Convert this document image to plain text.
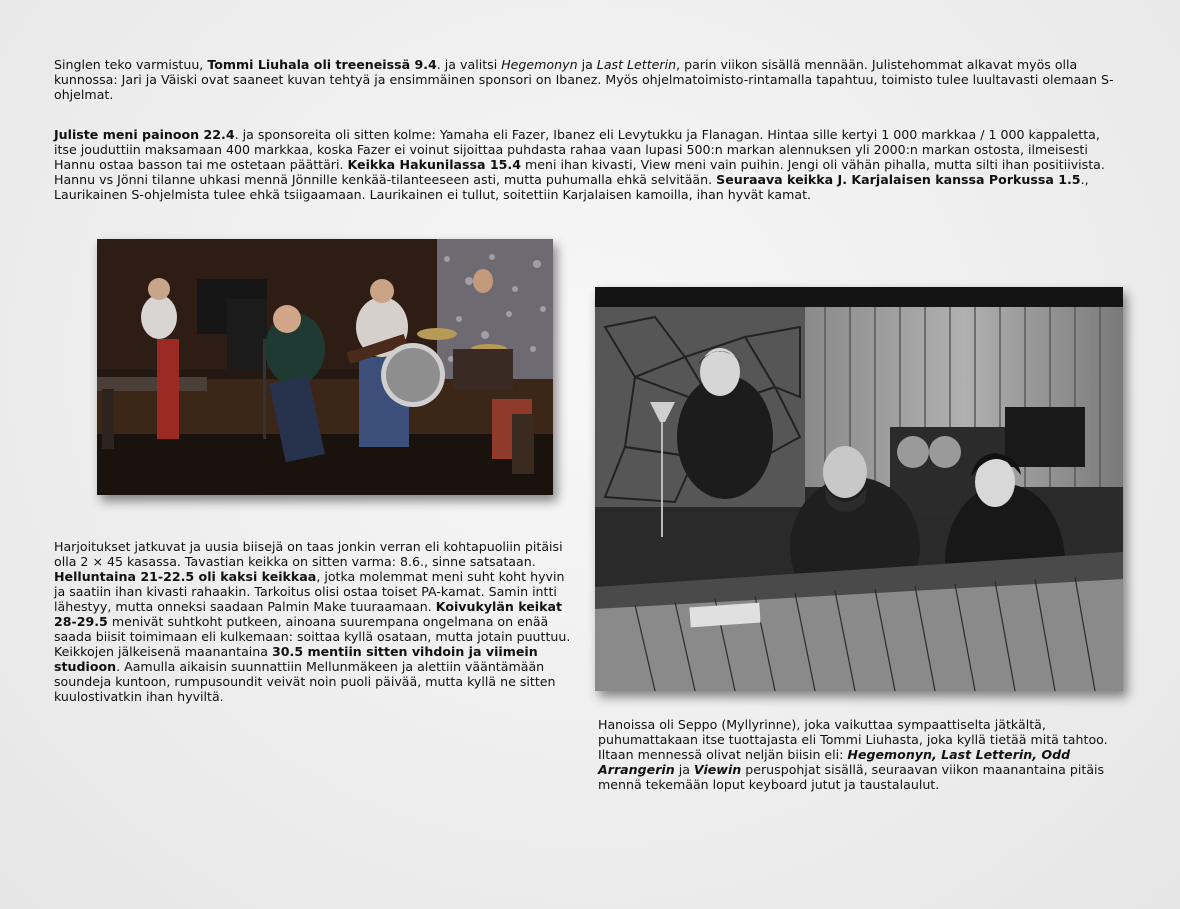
Singlen teko varmistuu, Tommi Liuhala oli treeneissä 9.4. ja valitsi Hegemonyn ja Last Letterin, parin viikon sisällä mennään. Julistehommat alkavat myös olla kunnossa: Jari ja Väiski ovat saaneet kuvan tehtyä ja ensimmäinen sponsori on Ibanez. Myös ohjelmatoimisto-rintamalla tapahtuu, toimisto tulee luultavasti olemaan S-ohjelmat.

Juliste meni painoon 22.4. ja sponsoreita oli sitten kolme: Yamaha eli Fazer, Ibanez eli Levytukku ja Flanagan. Hintaa sille kertyi 1 000 markkaa / 1 000 kappaletta, itse jouduttiin maksamaan 400 markkaa, koska Fazer ei voinut sijoittaa puhdasta rahaa vaan lupasi 500:n markan alennuksen yli 2000:n markan ostosta, ilmeisesti Hannu ostaa basson tai me ostetaan päättäri. Keikka Hakunilassa 15.4 meni ihan kivasti, View meni vain puihin. Jengi oli vähän pihalla, mutta silti ihan positiivista. Hannu vs Jönni tilanne uhkasi mennä Jönnille kenkää-tilanteeseen asti, mutta puhumalla ehkä selvitään. Seuraava keikka J. Karjalaisen kanssa Porkussa 1.5., Laurikainen S-ohjelmista tulee ehkä tsiigaamaan. Laurikainen ei tullut, soitettiin Karjalaisen kamoilla, ihan hyvät kamat.

Harjoitukset jatkuvat ja uusia biisejä on taas jonkin verran eli kohtapuoliin pitäisi olla 2 × 45 kasassa. Tavastian keikka on sitten varma: 8.6., sinne satsataan. Helluntaina 21-22.5 oli kaksi keikkaa, jotka molemmat meni suht koht hyvin ja saatiin ihan kivasti rahaakin. Tarkoitus olisi ostaa toiset PA-kamat. Samin intti lähestyy, mutta onneksi saadaan Palmin Make tuuraamaan. Koivukylän keikat 28-29.5 menivät suhtkoht putkeen, ainoana suurempana ongelmana on enää saada biisit toimimaan eli kulkemaan: soittaa kyllä osataan, mutta jotain puuttuu.
Keikkojen jälkeisenä maanantaina 30.5 mentiin sitten vihdoin ja viimein studioon. Aamulla aikaisin suunnattiin Mellunmäkeen ja alettiin vääntämään soundeja kuntoon, rumpusoundit veivät noin puoli päivää, mutta kyllä ne sitten kuulostivatkin ihan hyviltä.

Hanoissa oli Seppo (Myllyrinne), joka vaikuttaa sympaattiselta jätkältä, puhumattakaan itse tuottajasta eli Tommi Liuhasta, joka kyllä tietää mitä tahtoo. Iltaan mennessä olivat neljän biisin eli: Hegemonyn, Last Letterin, Odd Arrangerin ja Viewin peruspohjat sisällä, seuraavan viikon maanantaina pitäis mennä tekemään loput keyboard jutut ja taustalaulut.
